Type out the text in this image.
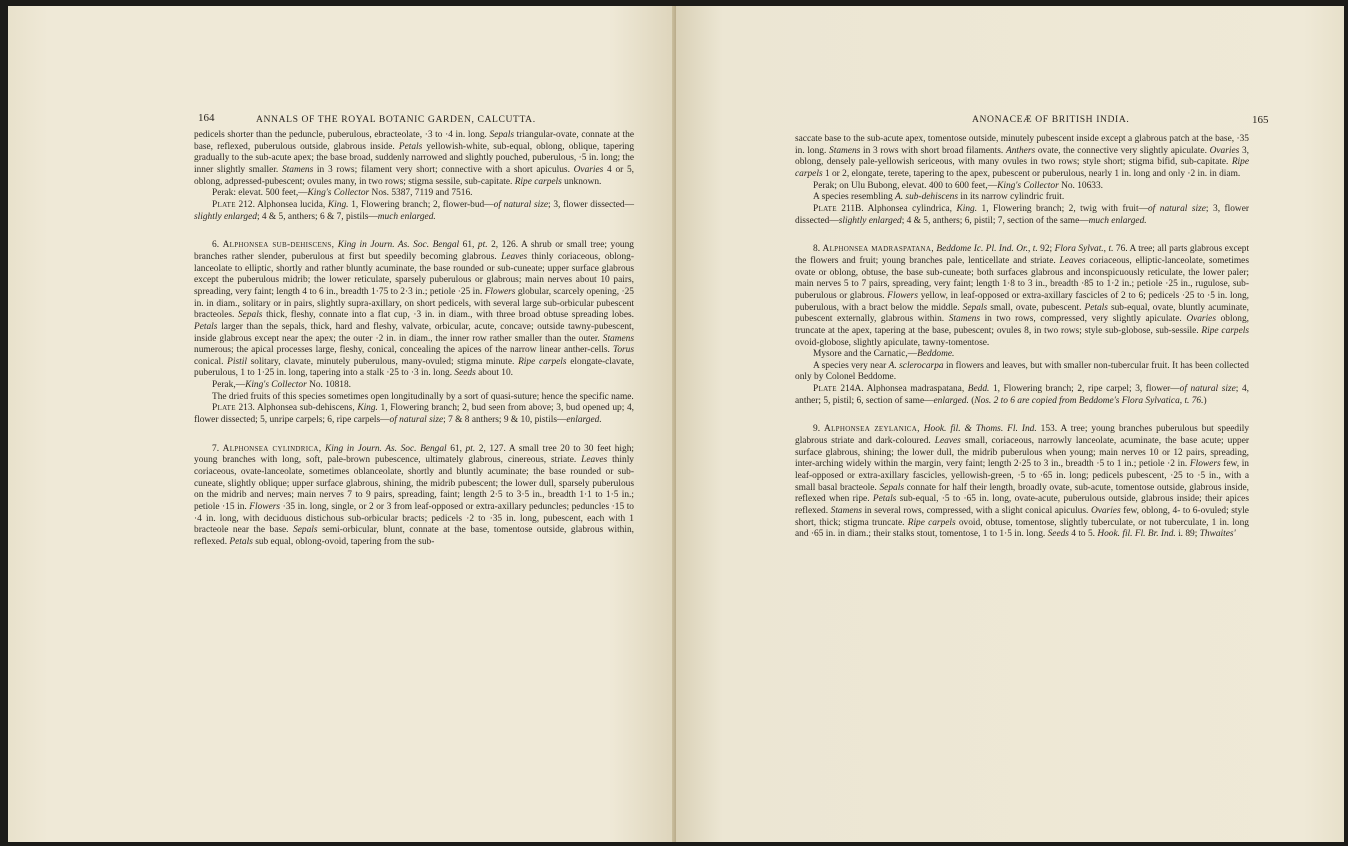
164	ANNALS OF THE ROYAL BOTANIC GARDEN, CALCUTTA.

pedicels shorter than the peduncle, puberulous, ebracteolate, ·3 to ·4 in. long. Sepals triangular-ovate, connate at the base, reflexed, puberulous outside, glabrous inside. Petals yellowish-white, sub-equal, oblong, oblique, tapering gradually to the sub-acute apex; the base broad, suddenly narrowed and slightly pouched, puberulous, ·5 in. long; the inner slightly smaller. Stamens in 3 rows; filament very short; connective with a short apiculus. Ovaries 4 or 5, oblong, adpressed-pubescent; ovules many, in two rows; stigma sessile, sub-capitate. Ripe carpels unknown.

Perak: elevat. 500 feet,—King's Collector Nos. 5387, 7119 and 7516.

Plate 212. Alphonsea lucida, King. 1, Flowering branch; 2, flower-bud—of natural size; 3, flower dissected—slightly enlarged; 4 & 5, anthers; 6 & 7, pistils—much enlarged.

6. Alphonsea sub-dehiscens, King in Journ. As. Soc. Bengal 61, pt. 2, 126. A shrub or small tree; young branches rather slender, puberulous at first but speedily becoming glabrous. Leaves thinly coriaceous, oblong-lanceolate to elliptic, shortly and rather bluntly acuminate, the base rounded or sub-cuneate; upper surface glabrous except the puberulous midrib; the lower reticulate, sparsely puberulous or glabrous; main nerves about 10 pairs, spreading, very faint; length 4 to 6 in., breadth 1·75 to 2·3 in.; petiole ·25 in. Flowers globular, scarcely opening, ·25 in. in diam., solitary or in pairs, slightly supra-axillary, on short pedicels, with several large sub-orbicular pubescent bracteoles. Sepals thick, fleshy, connate into a flat cup, ·3 in. in diam., with three broad obtuse spreading lobes. Petals larger than the sepals, thick, hard and fleshy, valvate, orbicular, acute, concave; outside tawny-pubescent, inside glabrous except near the apex; the outer ·2 in. in diam., the inner row rather smaller than the outer. Stamens numerous; the apical processes large, fleshy, conical, concealing the apices of the narrow linear anther-cells. Torus conical. Pistil solitary, clavate, minutely puberulous, many-ovuled; stigma minute. Ripe carpels elongate-clavate, puberulous, 1 to 1·25 in. long, tapering into a stalk ·25 to ·3 in. long. Seeds about 10.

Perak,—King's Collector No. 10818.

The dried fruits of this species sometimes open longitudinally by a sort of quasi-suture; hence the specific name.

Plate 213. Alphonsea sub-dehiscens, King. 1, Flowering branch; 2, bud seen from above; 3, bud opened up; 4, flower dissected; 5, unripe carpels; 6, ripe carpels—of natural size; 7 & 8 anthers; 9 & 10, pistils—enlarged.

7. Alphonsea cylindrica, King in Journ. As. Soc. Bengal 61, pt. 2, 127. A small tree 20 to 30 feet high; young branches with long, soft, pale-brown pubescence, ultimately glabrous, cinereous, striate. Leaves thinly coriaceous, ovate-lanceolate, sometimes oblanceolate, shortly and bluntly acuminate; the base rounded or sub-cuneate, slightly oblique; upper surface glabrous, shining, the midrib pubescent; the lower dull, sparsely puberulous on the midrib and nerves; main nerves 7 to 9 pairs, spreading, faint; length 2·5 to 3·5 in., breadth 1·1 to 1·5 in.; petiole ·15 in. Flowers ·35 in. long, single, or 2 or 3 from leaf-opposed or extra-axillary peduncles; peduncles ·15 to ·4 in. long, with deciduous distichous sub-orbicular bracts; pedicels ·2 to ·35 in. long, pubescent, each with 1 bracteole near the base. Sepals semi-orbicular, blunt, connate at the base, tomentose outside, glabrous within, reflexed. Petals sub equal, oblong-ovoid, tapering from the sub-

ANONACEÆ OF BRITISH INDIA.	165

saccate base to the sub-acute apex, tomentose outside, minutely pubescent inside except a glabrous patch at the base, ·35 in. long. Stamens in 3 rows with short broad filaments. Anthers ovate, the connective very slightly apiculate. Ovaries 3, oblong, densely pale-yellowish sericeous, with many ovules in two rows; style short; stigma bifid, sub-capitate. Ripe carpels 1 or 2, elongate, terete, tapering to the apex, pubescent or puberulous, nearly 1 in. long and only ·2 in. in diam.

Perak; on Ulu Bubong, elevat. 400 to 600 feet,—King's Collector No. 10633.

A species resembling A. sub-dehiscens in its narrow cylindric fruit.

Plate 211B. Alphonsea cylindrica, King. 1, Flowering branch; 2, twig with fruit—of natural size; 3, flower dissected—slightly enlarged; 4 & 5, anthers; 6, pistil; 7, section of the same—much enlarged.

8. Alphonsea madraspatana, Beddome Ic. Pl. Ind. Or., t. 92; Flora Sylvat., t. 76. A tree; all parts glabrous except the flowers and fruit; young branches pale, lenticellate and striate. Leaves coriaceous, elliptic-lanceolate, sometimes ovate or oblong, obtuse, the base sub-cuneate; both surfaces glabrous and inconspicuously reticulate, the lower paler; main nerves 5 to 7 pairs, spreading, very faint; length 1·8 to 3 in., breadth ·85 to 1·2 in.; petiole ·25 in., rugulose, sub-puberulous or glabrous. Flowers yellow, in leaf-opposed or extra-axillary fascicles of 2 to 6; pedicels ·25 to ·5 in. long, puberulous, with a bract below the middle. Sepals small, ovate, pubescent. Petals sub-equal, ovate, bluntly acuminate, pubescent externally, glabrous within. Stamens in two rows, compressed, very slightly apiculate. Ovaries oblong, truncate at the apex, tapering at the base, pubescent; ovules 8, in two rows; style sub-globose, sub-sessile. Ripe carpels ovoid-globose, slightly apiculate, tawny-tomentose.

Mysore and the Carnatic,—Beddome.

A species very near A. sclerocarpa in flowers and leaves, but with smaller non-tubercular fruit. It has been collected only by Colonel Beddome.

Plate 214A. Alphonsea madraspatana, Bedd. 1, Flowering branch; 2, ripe carpel; 3, flower—of natural size; 4, anther; 5, pistil; 6, section of same—enlarged. (Nos. 2 to 6 are copied from Beddome's Flora Sylvatica, t. 76.)

9. Alphonsea zeylanica, Hook. fil. & Thoms. Fl. Ind. 153. A tree; young branches puberulous but speedily glabrous striate and dark-coloured. Leaves small, coriaceous, narrowly lanceolate, acuminate, the base acute; upper surface glabrous, shining; the lower dull, the midrib puberulous when young; main nerves 10 or 12 pairs, spreading, inter-arching widely within the margin, very faint; length 2·25 to 3 in., breadth ·5 to 1 in.; petiole ·2 in. Flowers few, in leaf-opposed or extra-axillary fascicles, yellowish-green, ·5 to ·65 in. long; pedicels pubescent, ·25 to ·5 in., with a small basal bracteole. Sepals connate for half their length, broadly ovate, sub-acute, tomentose outside, glabrous inside, reflexed when ripe. Petals sub-equal, ·5 to ·65 in. long, ovate-acute, puberulous outside, glabrous inside; their apices reflexed. Stamens in several rows, compressed, with a slight conical apiculus. Ovaries few, oblong, 4- to 6-ovuled; style short, thick; stigma truncate. Ripe carpels ovoid, obtuse, tomentose, slightly tuberculate, or not tuberculate, 1 in. long and ·65 in. in diam.; their stalks stout, tomentose, 1 to 1·5 in. long. Seeds 4 to 5. Hook. fil. Fl. Br. Ind. i. 89; Thwaites'
